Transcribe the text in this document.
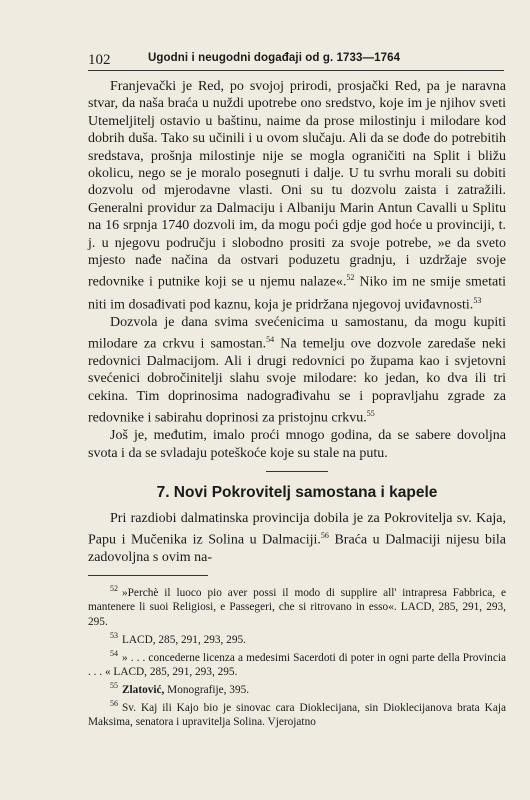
102	Ugodni i neugodni događaji od g. 1733—1764

Franjevački je Red, po svojoj prirodi, prosjački Red, pa je naravna stvar, da naša braća u nuždi upotrebe ono sredstvo, koje im je njihov sveti Utemeljitelj ostavio u baštinu, naime da prose milostinju i milodare kod dobrih duša. Tako su učinili i u ovom slučaju. Ali da se dođe do potrebitih sredstava, prošnja milostinje nije se mogla ograničiti na Split i bližu okolicu, nego se je moralo posegnuti i dalje. U tu svrhu morali su dobiti dozvolu od mjerodavne vlasti. Oni su tu dozvolu zaista i zatražili. Generalni providur za Dalmaciju i Albaniju Marin Antun Cavalli u Splitu na 16 srpnja 1740 dozvoli im, da mogu poći gdje god hoće u provinciji, t. j. u njegovu području i slobodno prositi za svoje potrebe, »e da sveto mjesto nađe načina da ostvari poduzetu gradnju, i uzdržaje svoje redovnike i putnike koji se u njemu nalaze«.$^{52}$ Niko im ne smije smetati niti im dosađivati pod kaznu, koja je pridržana njegovoj uviđavnosti.$^{53}$

Dozvola je dana svima svećenicima u samostanu, da mogu kupiti milodare za crkvu i samostan.$^{54}$ Na temelju ove dozvole zaredaše neki redovnici Dalmacijom. Ali i drugi redovnici po župama kao i svjetovni svećenici dobročinitelji slahu svoje milodare: ko jedan, ko dva ili tri cekina. Tim doprinosima nadograđivahu se i popravljahu zgrade za redovnike i sabirahu doprinosi za pristojnu crkvu.$^{55}$

Još je, međutim, imalo proći mnogo godina, da se sabere dovoljna svota i da se svladaju poteškoće koje su stale na putu.

7. Novi Pokrovitelj samostana i kapele

Pri razdiobi dalmatinska provincija dobila je za Pokrovitelja sv. Kaja, Papu i Mučenika iz Solina u Dalmaciji.$^{56}$ Braća u Dalmaciji nijesu bila zadovoljna s ovim na-

$^{52}$ »Perchè il luoco pio aver possi il modo di supplire all' intrapresa Fabbrica, e mantenere li suoi Religiosi, e Passegeri, che si ritrovano in esso«. LACD, 285, 291, 293, 295.

$^{53}$ LACD, 285, 291, 293, 295.

$^{54}$ » . . . concederne licenza a medesimi Sacerdoti di poter in ogni parte della Provincia . . . « LACD, 285, 291, 293, 295.

$^{55}$ Zlatović, Monografije, 395.

$^{56}$ Sv. Kaj ili Kajo bio je sinovac cara Dioklecijana, sin Dioklecijanova brata Kaja Maksima, senatora i upravitelja Solina. Vjerojatno
